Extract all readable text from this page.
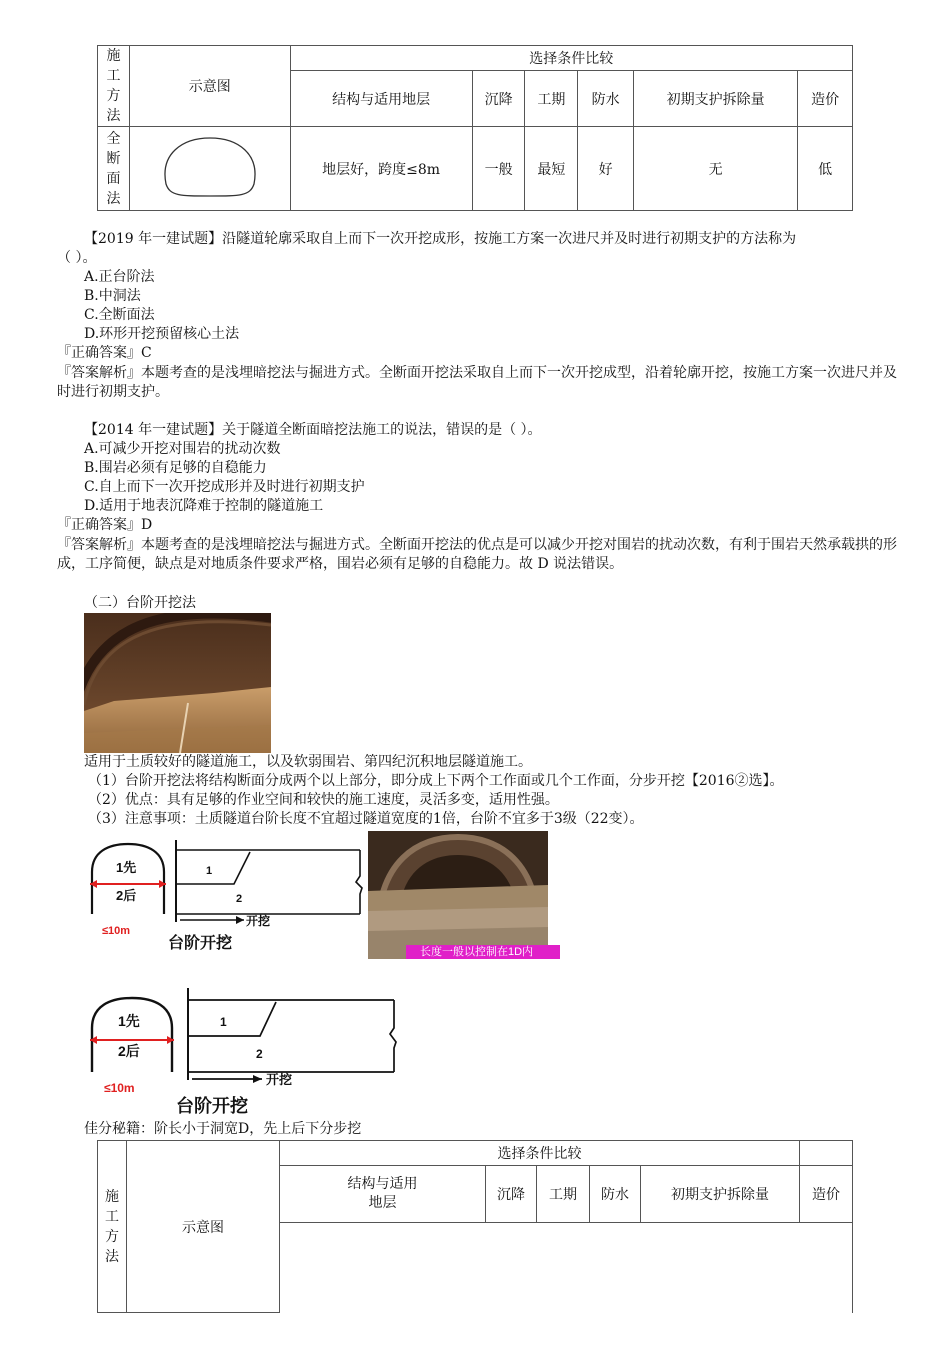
施工方法	示意图	选择条件比较					
		结构与适用地层	沉降	工期	防水	初期支护拆除量	造价

全断面法		地层好，跨度≤8m	一般	最短	好	无	低
【2019 年一建试题】沿隧道轮廓采取自上而下一次开挖成形，按施工方案一次进尺并及时进行初期支护的方法称为
（ ）。
A.正台阶法
B.中洞法
C.全断面法
D.环形开挖预留核心土法
『正确答案』C
『答案解析』本题考查的是浅埋暗挖法与掘进方式。全断面开挖法采取自上而下一次开挖成型，沿着轮廓开挖，按施工方案一次进尺并及时进行初期支护。
【2014 年一建试题】关于隧道全断面暗挖法施工的说法，错误的是（ ）。
A.可减少开挖对围岩的扰动次数
B.围岩必须有足够的自稳能力
C.自上而下一次开挖成形并及时进行初期支护
D.适用于地表沉降难于控制的隧道施工
『正确答案』D
『答案解析』本题考查的是浅埋暗挖法与掘进方式。全断面开挖法的优点是可以减少开挖对围岩的扰动次数，有利于围岩天然承载拱的形成，工序简便，缺点是对地质条件要求严格，围岩必须有足够的自稳能力。故 D 说法错误。
（二）台阶开挖法
适用于土质较好的隧道施工，以及软弱围岩、第四纪沉积地层隧道施工。
（1）台阶开挖法将结构断面分成两个以上部分，即分成上下两个工作面或几个工作面，分步开挖【2016②选】。
（2）优点：具有足够的作业空间和较快的施工速度，灵活多变，适用性强。
（3）注意事项：土质隧道台阶长度不宜超过隧道宽度的1倍，台阶不宜多于3级（22变）。
1先
2后
≤10m
1
2
开挖
台阶开挖	长度一般以控制在1D内
1先
2后
≤10m
1
2
开挖
台阶开挖
佳分秘籍：阶长小于洞宽D，先上后下分步挖
施工方法	示意图	选择条件比较					

		结构与适用地层	沉降	工期	防水	初期支护拆除量	造价
